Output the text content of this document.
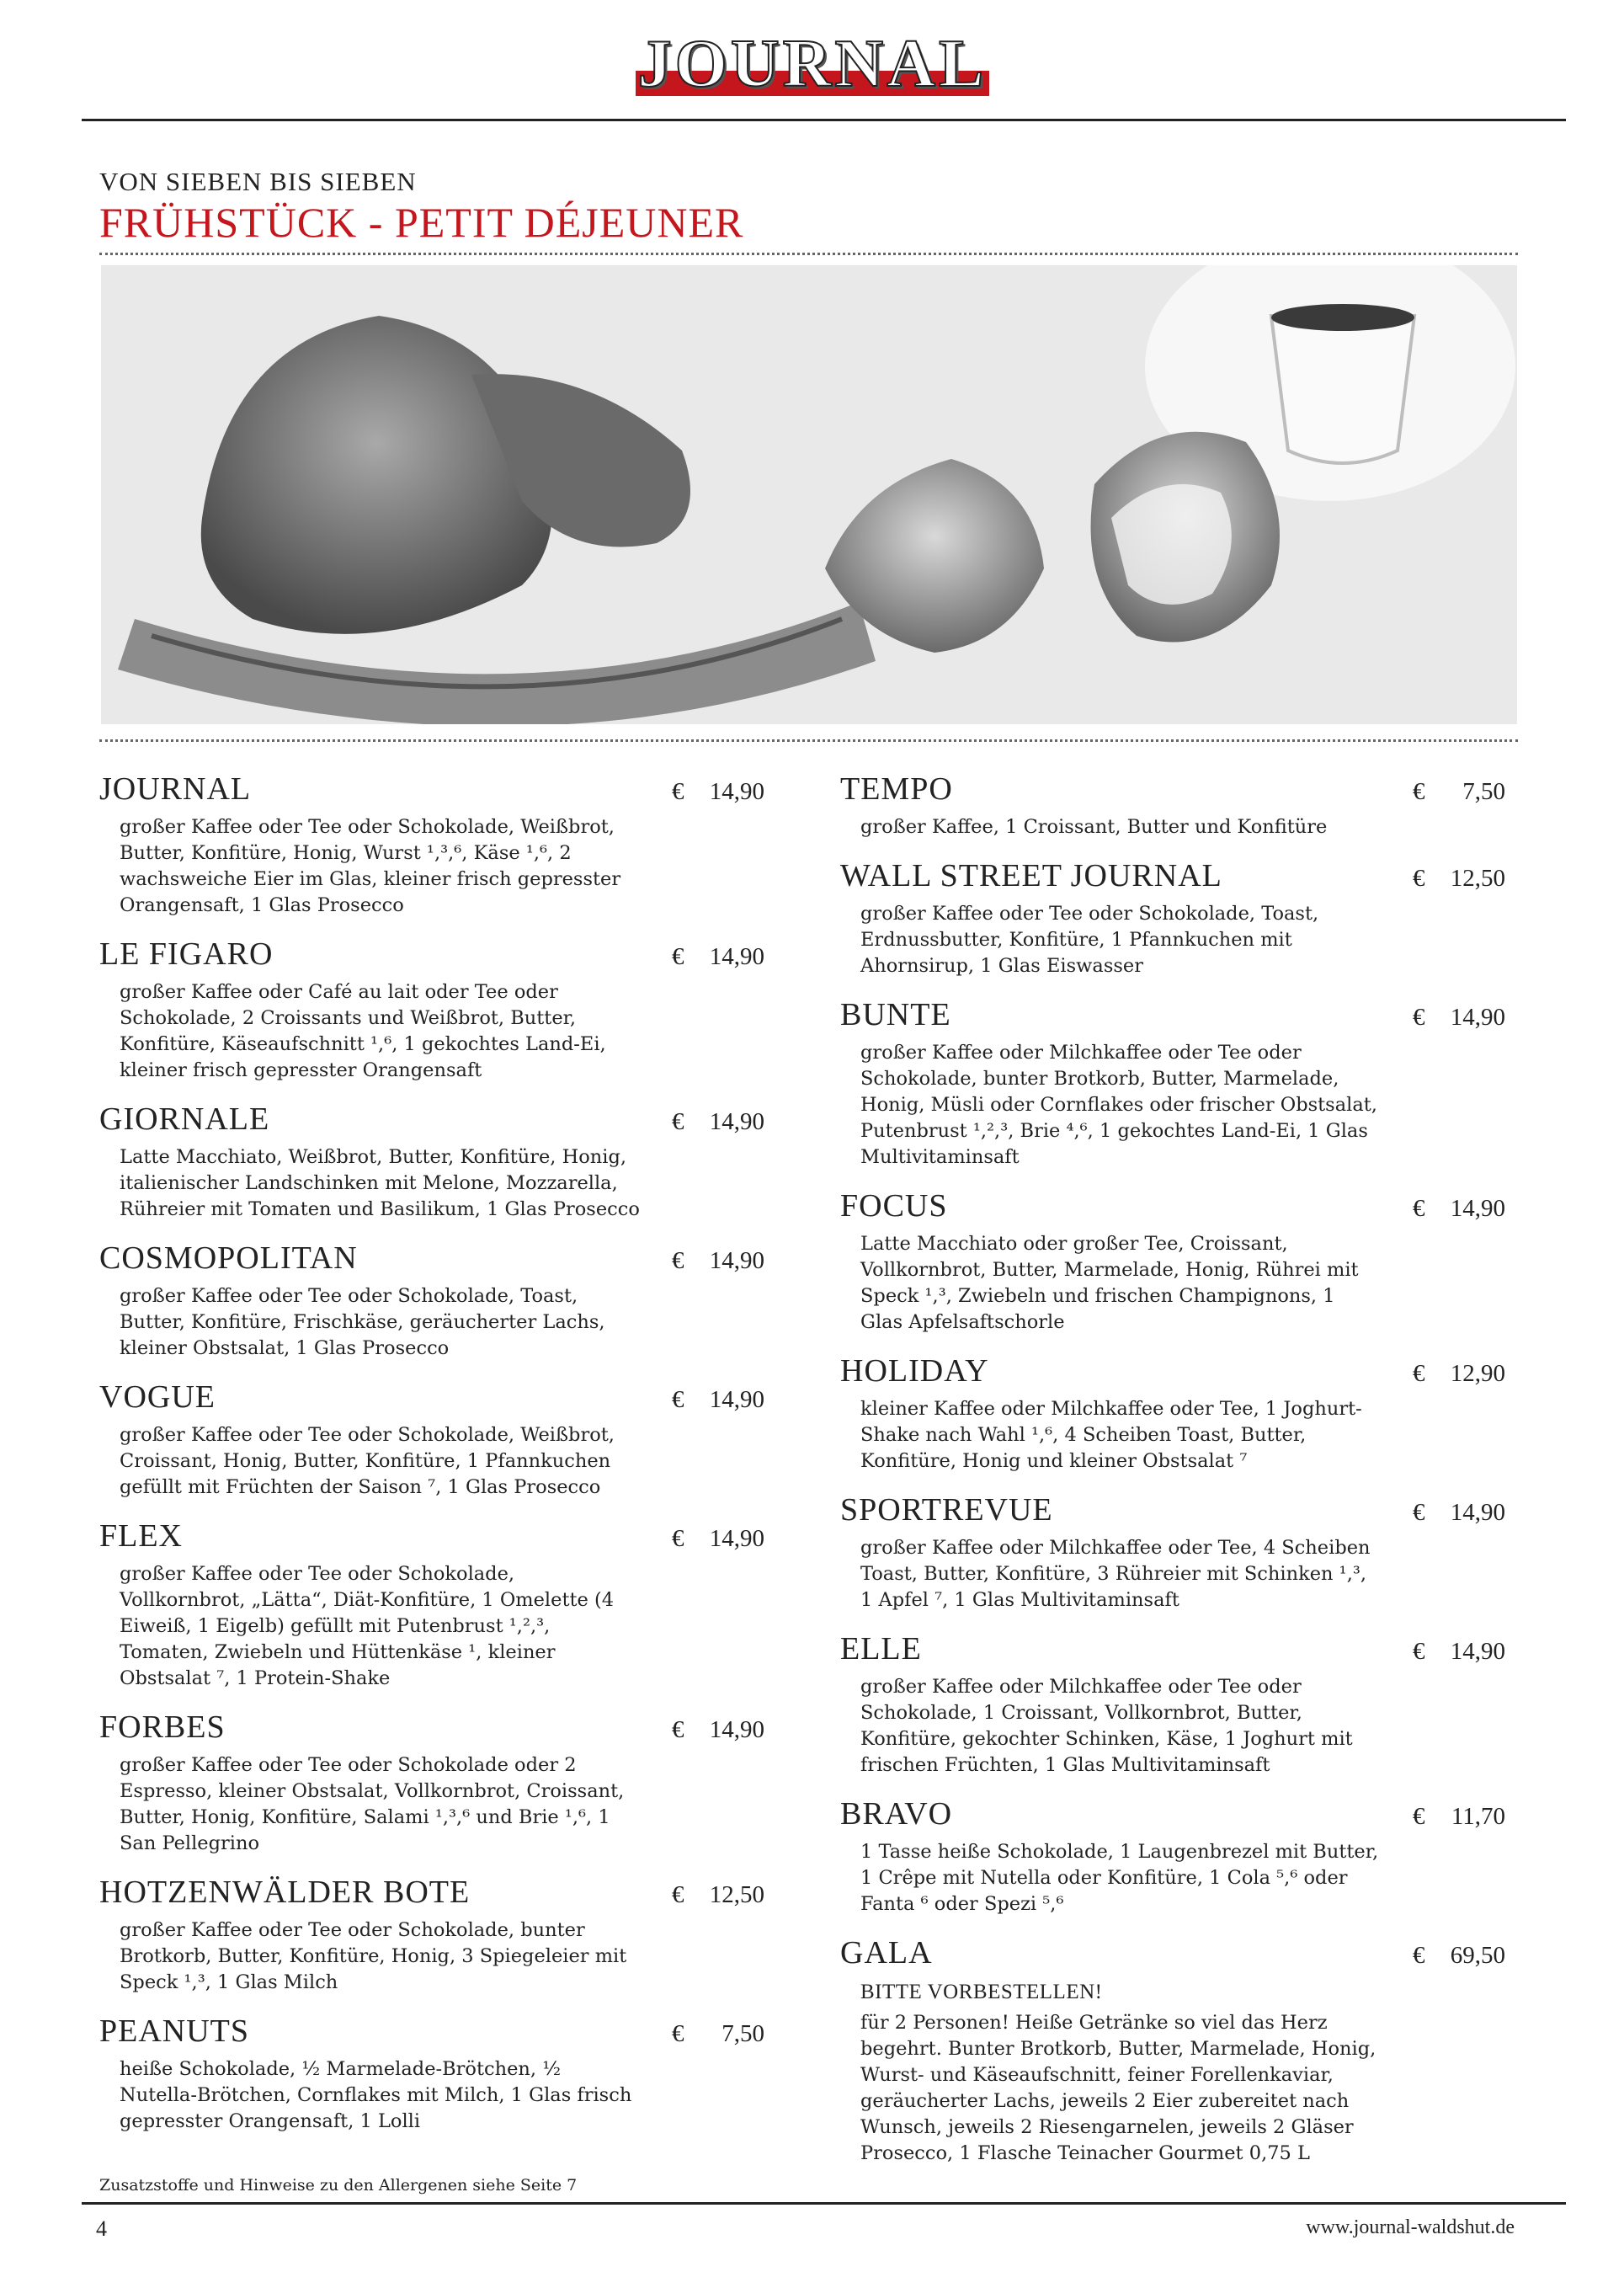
JOURNAL
VON SIEBEN BIS SIEBEN
FRÜHSTÜCK - PETIT DÉJEUNER
JOURNAL	€	14,90
großer Kaffee oder Tee oder Schokolade, Weißbrot, Butter, Konfitüre, Honig, Wurst ¹,³,⁶, Käse ¹,⁶, 2 wachsweiche Eier im Glas, kleiner frisch gepresster Orangensaft, 1 Glas Prosecco
LE FIGARO	€	14,90
großer Kaffee oder Café au lait oder Tee oder Schokolade, 2 Croissants und Weißbrot, Butter, Konfitüre, Käseaufschnitt ¹,⁶, 1 gekochtes Land-Ei, kleiner frisch gepresster Orangensaft
GIORNALE	€	14,90
Latte Macchiato, Weißbrot, Butter, Konfitüre, Honig, italienischer Landschinken mit Melone, Mozzarella, Rühreier mit Tomaten und Basilikum, 1 Glas Prosecco
COSMOPOLITAN	€	14,90
großer Kaffee oder Tee oder Schokolade, Toast, Butter, Konfitüre, Frischkäse, geräucherter Lachs, kleiner Obstsalat, 1 Glas Prosecco
VOGUE	€	14,90
großer Kaffee oder Tee oder Schokolade, Weißbrot, Croissant, Honig, Butter, Konfitüre, 1 Pfannkuchen gefüllt mit Früchten der Saison ⁷, 1 Glas Prosecco
FLEX	€	14,90
großer Kaffee oder Tee oder Schokolade, Vollkornbrot, „Lätta“, Diät-Konfitüre, 1 Omelette (4 Eiweiß, 1 Eigelb) gefüllt mit Putenbrust ¹,²,³, Tomaten, Zwiebeln und Hüttenkäse ¹, kleiner Obstsalat ⁷, 1 Protein-Shake
FORBES	€	14,90
großer Kaffee oder Tee oder Schokolade oder 2 Espresso, kleiner Obstsalat, Vollkornbrot, Croissant, Butter, Honig, Konfitüre, Salami ¹,³,⁶ und Brie ¹,⁶, 1 San Pellegrino
HOTZENWÄLDER BOTE	€	12,50
großer Kaffee oder Tee oder Schokolade, bunter Brotkorb, Butter, Konfitüre, Honig, 3 Spiegeleier mit Speck ¹,³, 1 Glas Milch
PEANUTS	€	7,50
heiße Schokolade, ½ Marmelade-Brötchen, ½ Nutella-Brötchen, Cornflakes mit Milch, 1 Glas frisch gepresster Orangensaft, 1 Lolli
TEMPO	€	7,50
großer Kaffee, 1 Croissant, Butter und Konfitüre
WALL STREET JOURNAL	€	12,50
großer Kaffee oder Tee oder Schokolade, Toast, Erdnussbutter, Konfitüre, 1 Pfannkuchen mit Ahornsirup, 1 Glas Eiswasser
BUNTE	€	14,90
großer Kaffee oder Milchkaffee oder Tee oder Schokolade, bunter Brotkorb, Butter, Marmelade, Honig, Müsli oder Cornflakes oder frischer Obstsalat, Putenbrust ¹,²,³, Brie ⁴,⁶, 1 gekochtes Land-Ei, 1 Glas Multivitaminsaft
FOCUS	€	14,90
Latte Macchiato oder großer Tee, Croissant, Vollkornbrot, Butter, Marmelade, Honig, Rührei mit Speck ¹,³, Zwiebeln und frischen Champignons, 1 Glas Apfelsaftschorle
HOLIDAY	€	12,90
kleiner Kaffee oder Milchkaffee oder Tee, 1 Joghurt-Shake nach Wahl ¹,⁶, 4 Scheiben Toast, Butter, Konfitüre, Honig und kleiner Obstsalat ⁷
SPORTREVUE	€	14,90
großer Kaffee oder Milchkaffee oder Tee, 4 Scheiben Toast, Butter, Konfitüre, 3 Rühreier mit Schinken ¹,³, 1 Apfel ⁷, 1 Glas Multivitaminsaft
ELLE	€	14,90
großer Kaffee oder Milchkaffee oder Tee oder Schokolade, 1 Croissant, Vollkornbrot, Butter, Konfitüre, gekochter Schinken, Käse, 1 Joghurt mit frischen Früchten, 1 Glas Multivitaminsaft
BRAVO	€	11,70
1 Tasse heiße Schokolade, 1 Laugenbrezel mit Butter, 1 Crêpe mit Nutella oder Konfitüre, 1 Cola ⁵,⁶ oder Fanta ⁶ oder Spezi ⁵,⁶
GALA	€	69,50
BITTE VORBESTELLEN!
für 2 Personen! Heiße Getränke so viel das Herz begehrt. Bunter Brotkorb, Butter, Marmelade, Honig, Wurst- und Käseaufschnitt, feiner Forellenkaviar, geräucherter Lachs, jeweils 2 Eier zubereitet nach Wunsch, jeweils 2 Riesengarnelen, jeweils 2 Gläser Prosecco, 1 Flasche Teinacher Gourmet 0,75 L
Zusatzstoffe und Hinweise zu den Allergenen siehe Seite 7
4	www.journal-waldshut.de
